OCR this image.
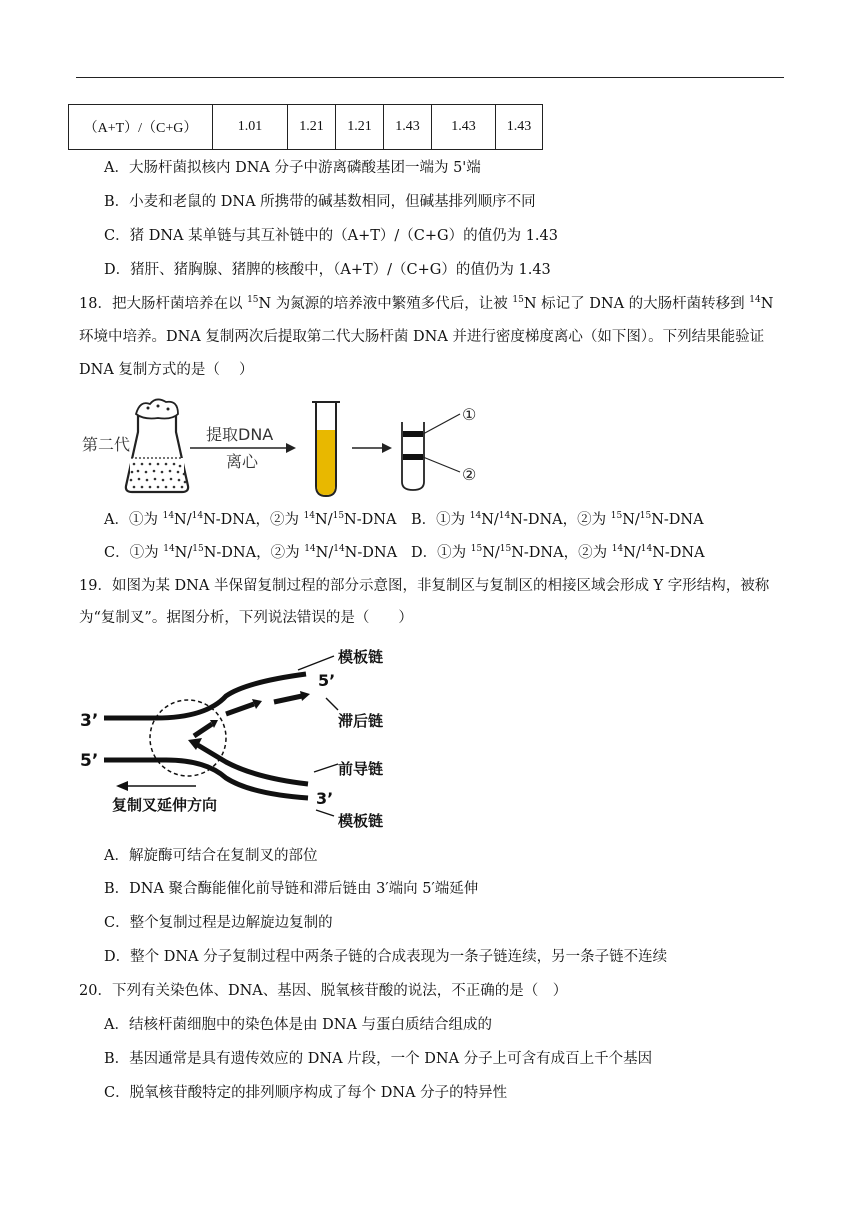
（A+T）/（C+G）	1.01	1.21	1.21	1.43	1.43	1.43
A．大肠杆菌拟核内 DNA 分子中游离磷酸基团一端为 5'端
B．小麦和老鼠的 DNA 所携带的碱基数相同，但碱基排列顺序不同
C．猪 DNA 某单链与其互补链中的（A+T）/（C+G）的值仍为 1.43
D．猪肝、猪胸腺、猪脾的核酸中，（A+T）/（C+G）的值仍为 1.43
18．把大肠杆菌培养在以 $^{15}$N 为氮源的培养液中繁殖多代后，让被 $^{15}$N 标记了 DNA 的大肠杆菌转移到 $^{14}$N
环境中培养。DNA 复制两次后提取第二代大肠杆菌 DNA 并进行密度梯度离心（如下图）。下列结果能验证
DNA 复制方式的是（　 ）
第二代
提取DNA
离心
①
②
A．①为 $^{14}$N/$^{14}$N-DNA，②为 $^{14}$N/$^{15}$N-DNA B．①为 $^{14}$N/$^{14}$N-DNA，②为 $^{15}$N/$^{15}$N-DNA
C．①为 $^{14}$N/$^{15}$N-DNA，②为 $^{14}$N/$^{14}$N-DNA D．①为 $^{15}$N/$^{15}$N-DNA，②为 $^{14}$N/$^{14}$N-DNA
19．如图为某 DNA 半保留复制过程的部分示意图，非复制区与复制区的相接区域会形成 Y 字形结构，被称
为“复制叉”。据图分析，下列说法错误的是（　　）
3’
5’
复制叉延伸方向
模板链
5’
滞后链
前导链
3’
模板链
A．解旋酶可结合在复制叉的部位
B．DNA 聚合酶能催化前导链和滞后链由 3′端向 5′端延伸
C．整个复制过程是边解旋边复制的
D．整个 DNA 分子复制过程中两条子链的合成表现为一条子链连续，另一条子链不连续
20．下列有关染色体、DNA、基因、脱氧核苷酸的说法，不正确的是（　）
A．结核杆菌细胞中的染色体是由 DNA 与蛋白质结合组成的
B．基因通常是具有遗传效应的 DNA 片段，一个 DNA 分子上可含有成百上千个基因
C．脱氧核苷酸特定的排列顺序构成了每个 DNA 分子的特异性
